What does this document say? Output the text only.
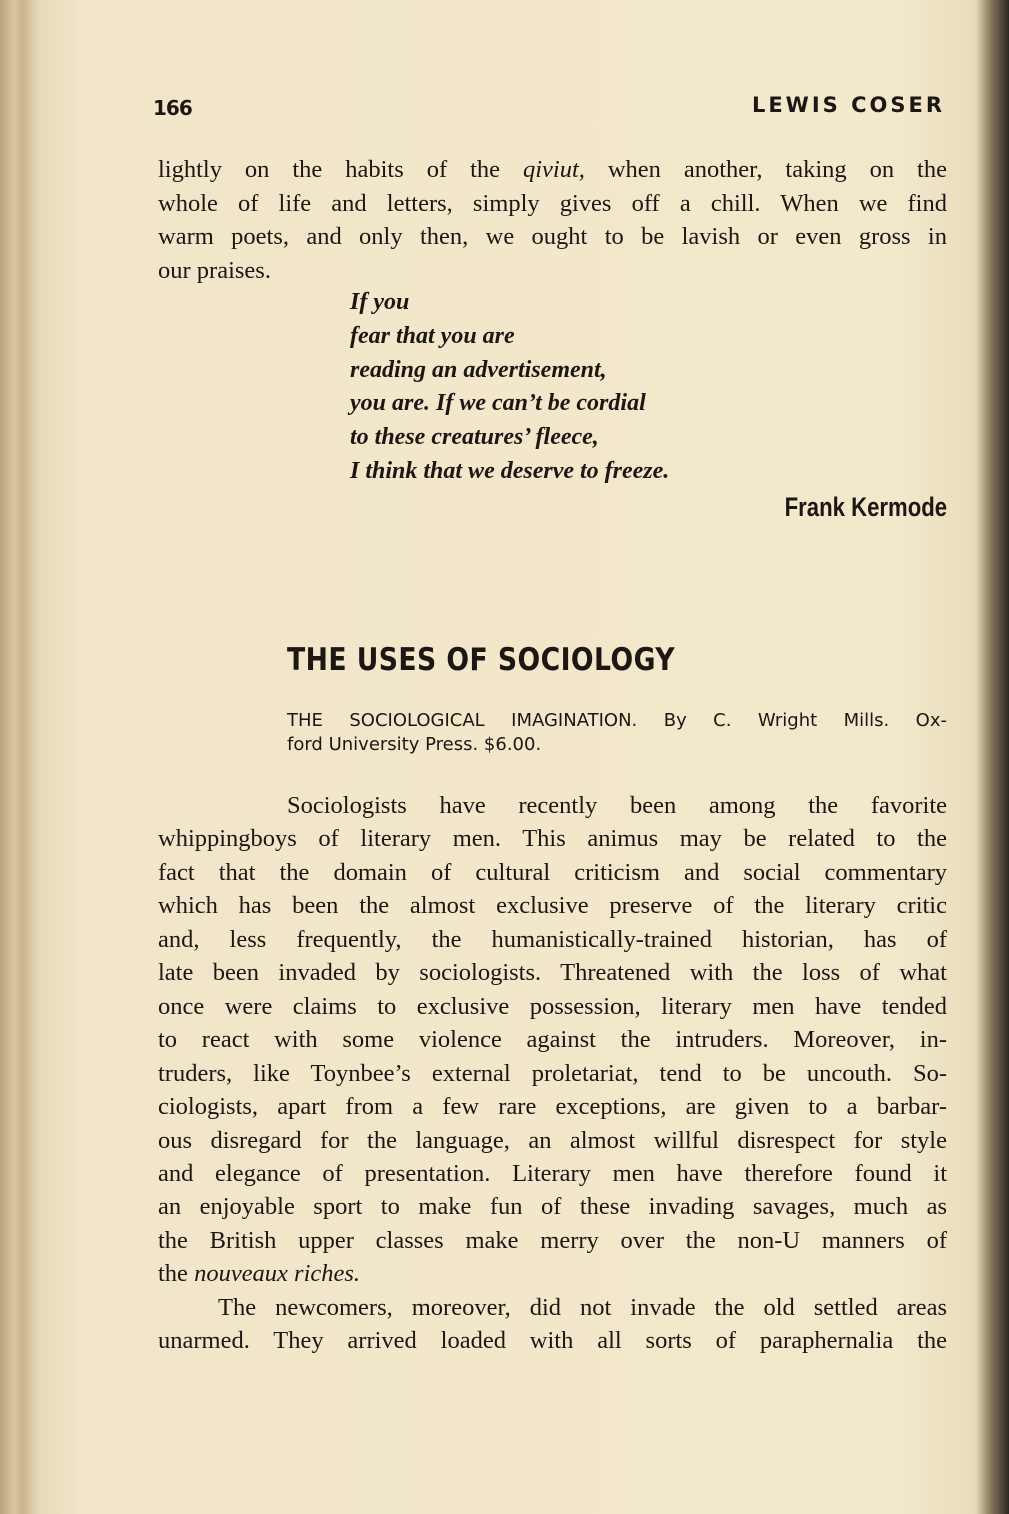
166	LEWIS COSER
lightly on the habits of the qiviut, when another, taking on the
whole of life and letters, simply gives off a chill. When we find
warm poets, and only then, we ought to be lavish or even gross in
our praises.
If you
fear that you are
reading an advertisement,
you are. If we can’t be cordial
to these creatures’ fleece,
I think that we deserve to freeze.
Frank Kermode
THE USES OF SOCIOLOGY
THE SOCIOLOGICAL IMAGINATION. By C. Wright Mills. Ox-
ford University Press. $6.00.
Sociologists have recently been among the favorite
whippingboys of literary men. This animus may be related to the
fact that the domain of cultural criticism and social commentary
which has been the almost exclusive preserve of the literary critic
and, less frequently, the humanistically-trained historian, has of
late been invaded by sociologists. Threatened with the loss of what
once were claims to exclusive possession, literary men have tended
to react with some violence against the intruders. Moreover, in-
truders, like Toynbee’s external proletariat, tend to be uncouth. So-
ciologists, apart from a few rare exceptions, are given to a barbar-
ous disregard for the language, an almost willful disrespect for style
and elegance of presentation. Literary men have therefore found it
an enjoyable sport to make fun of these invading savages, much as
the British upper classes make merry over the non-U manners of
the nouveaux riches.
The newcomers, moreover, did not invade the old settled areas
unarmed. They arrived loaded with all sorts of paraphernalia the
